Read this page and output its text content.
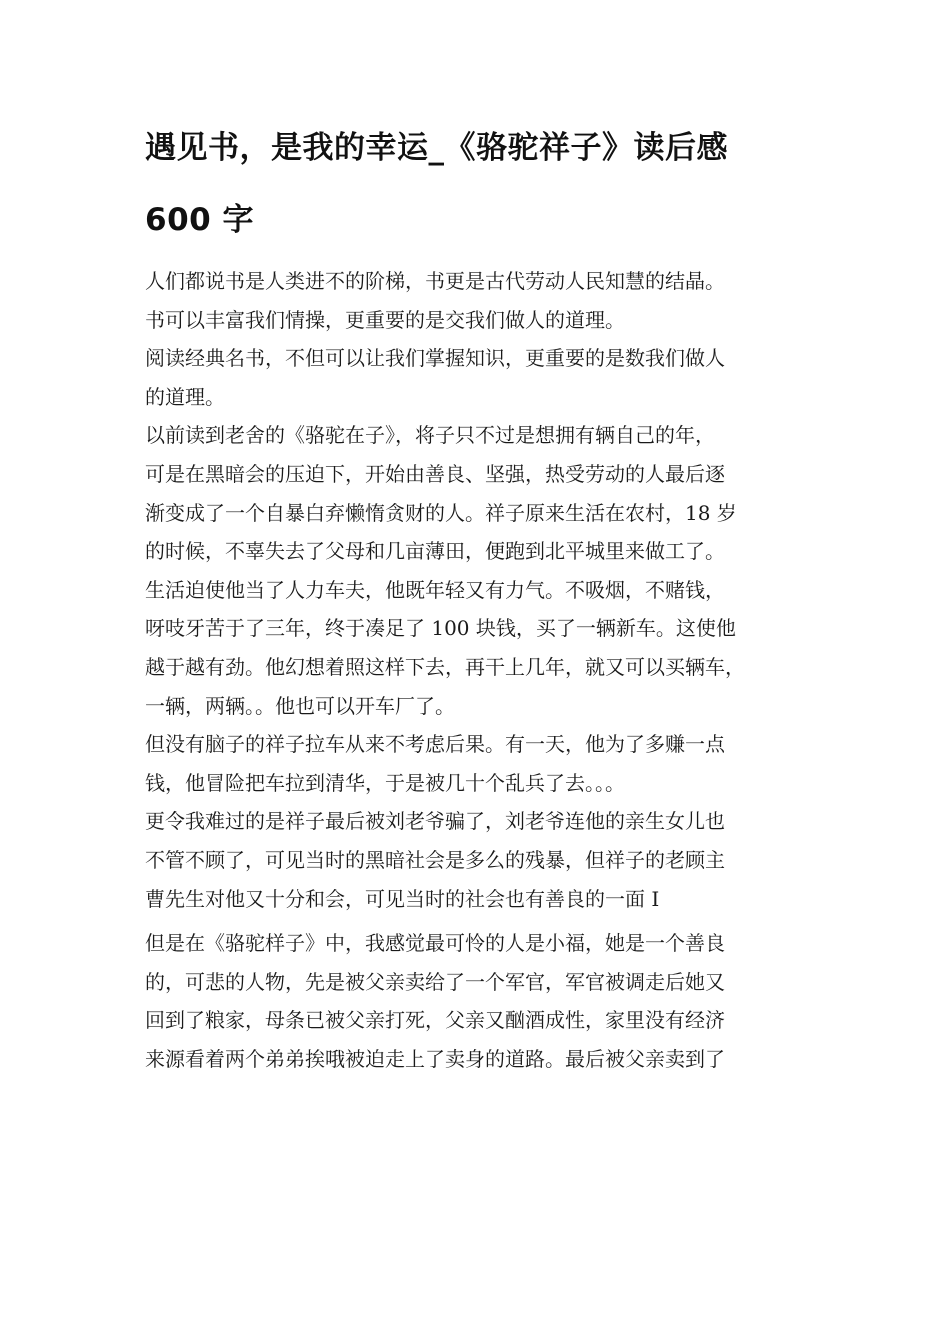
遇见书，是我的幸运_《骆驼祥子》读后感
600 字
人们都说书是人类进不的阶梯，书更是古代劳动人民知慧的结晶。
书可以丰富我们情操，更重要的是交我们做人的道理。
阅读经典名书，不但可以让我们掌握知识，更重要的是数我们做人
的道理。
以前读到老舍的《骆驼在子》，将子只不过是想拥有辆自己的年，
可是在黑暗会的压迫下，开始由善良、坚强，热受劳动的人最后逐
渐变成了一个自暴白弃懒惰贪财的人。祥子原来生活在农村，18 岁
的时候，不辜失去了父母和几亩薄田，便跑到北平城里来做工了。
生活迫使他当了人力车夫，他既年轻又有力气。不吸烟，不赌钱，
呀吱牙苦于了三年，终于凑足了 100 块钱，买了一辆新车。这使他
越于越有劲。他幻想着照这样下去，再干上几年，就又可以买辆车，
一辆，两辆。。他也可以开车厂了。
但没有脑子的祥子拉车从来不考虑后果。有一天，他为了多赚一点
钱，他冒险把车拉到清华，于是被几十个乱兵了去。。。
更令我难过的是祥子最后被刘老爷骗了，刘老爷连他的亲生女儿也
不管不顾了，可见当时的黑暗社会是多么的残暴，但祥子的老顾主
曹先生对他又十分和会，可见当时的社会也有善良的一面 I
但是在《骆驼样子》中，我感觉最可怜的人是小福，她是一个善良
的，可悲的人物，先是被父亲卖给了一个军官，军官被调走后她又
回到了粮家，母条已被父亲打死，父亲又酗酒成性，家里没有经济
来源看着两个弟弟挨哦被迫走上了卖身的道路。最后被父亲卖到了
